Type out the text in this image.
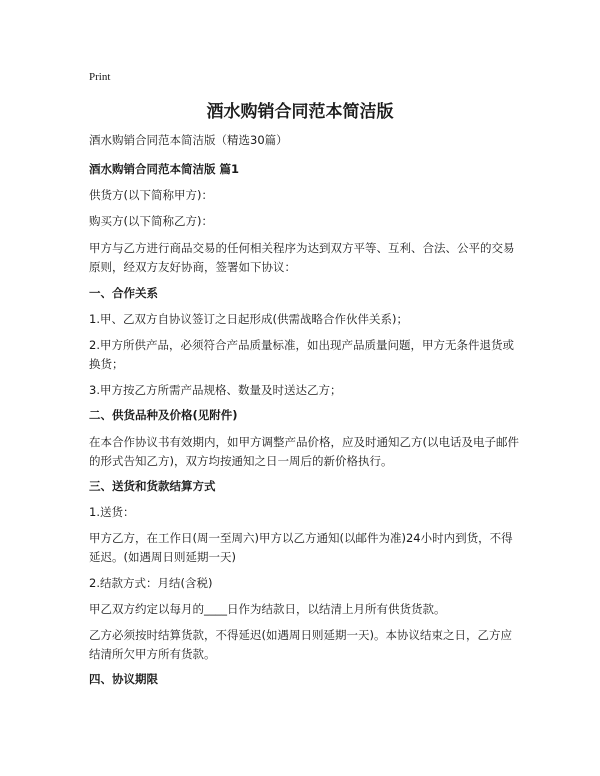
Print
酒水购销合同范本简洁版
酒水购销合同范本简洁版（精选30篇）
酒水购销合同范本简洁版 篇1
供货方(以下简称甲方)：
购买方(以下简称乙方)：
甲方与乙方进行商品交易的任何相关程序为达到双方平等、互利、合法、公平的交易原则，经双方友好协商，签署如下协议：
一、合作关系
1.甲、乙双方自协议签订之日起形成(供需战略合作伙伴关系)；
2.甲方所供产品，必须符合产品质量标准，如出现产品质量问题，甲方无条件退货或换货；
3.甲方按乙方所需产品规格、数量及时送达乙方；
二、供货品种及价格(见附件)
在本合作协议书有效期内，如甲方调整产品价格，应及时通知乙方(以电话及电子邮件的形式告知乙方)，双方均按通知之日一周后的新价格执行。
三、送货和货款结算方式
1.送货：
甲方乙方，在工作日(周一至周六)甲方以乙方通知(以邮件为准)24小时内到货，不得延迟。(如遇周日则延期一天)
2.结款方式：月结(含税)
甲乙双方约定以每月的____日作为结款日，以结清上月所有供货货款。
乙方必须按时结算货款，不得延迟(如遇周日则延期一天)。本协议结束之日，乙方应结清所欠甲方所有货款。
四、协议期限
